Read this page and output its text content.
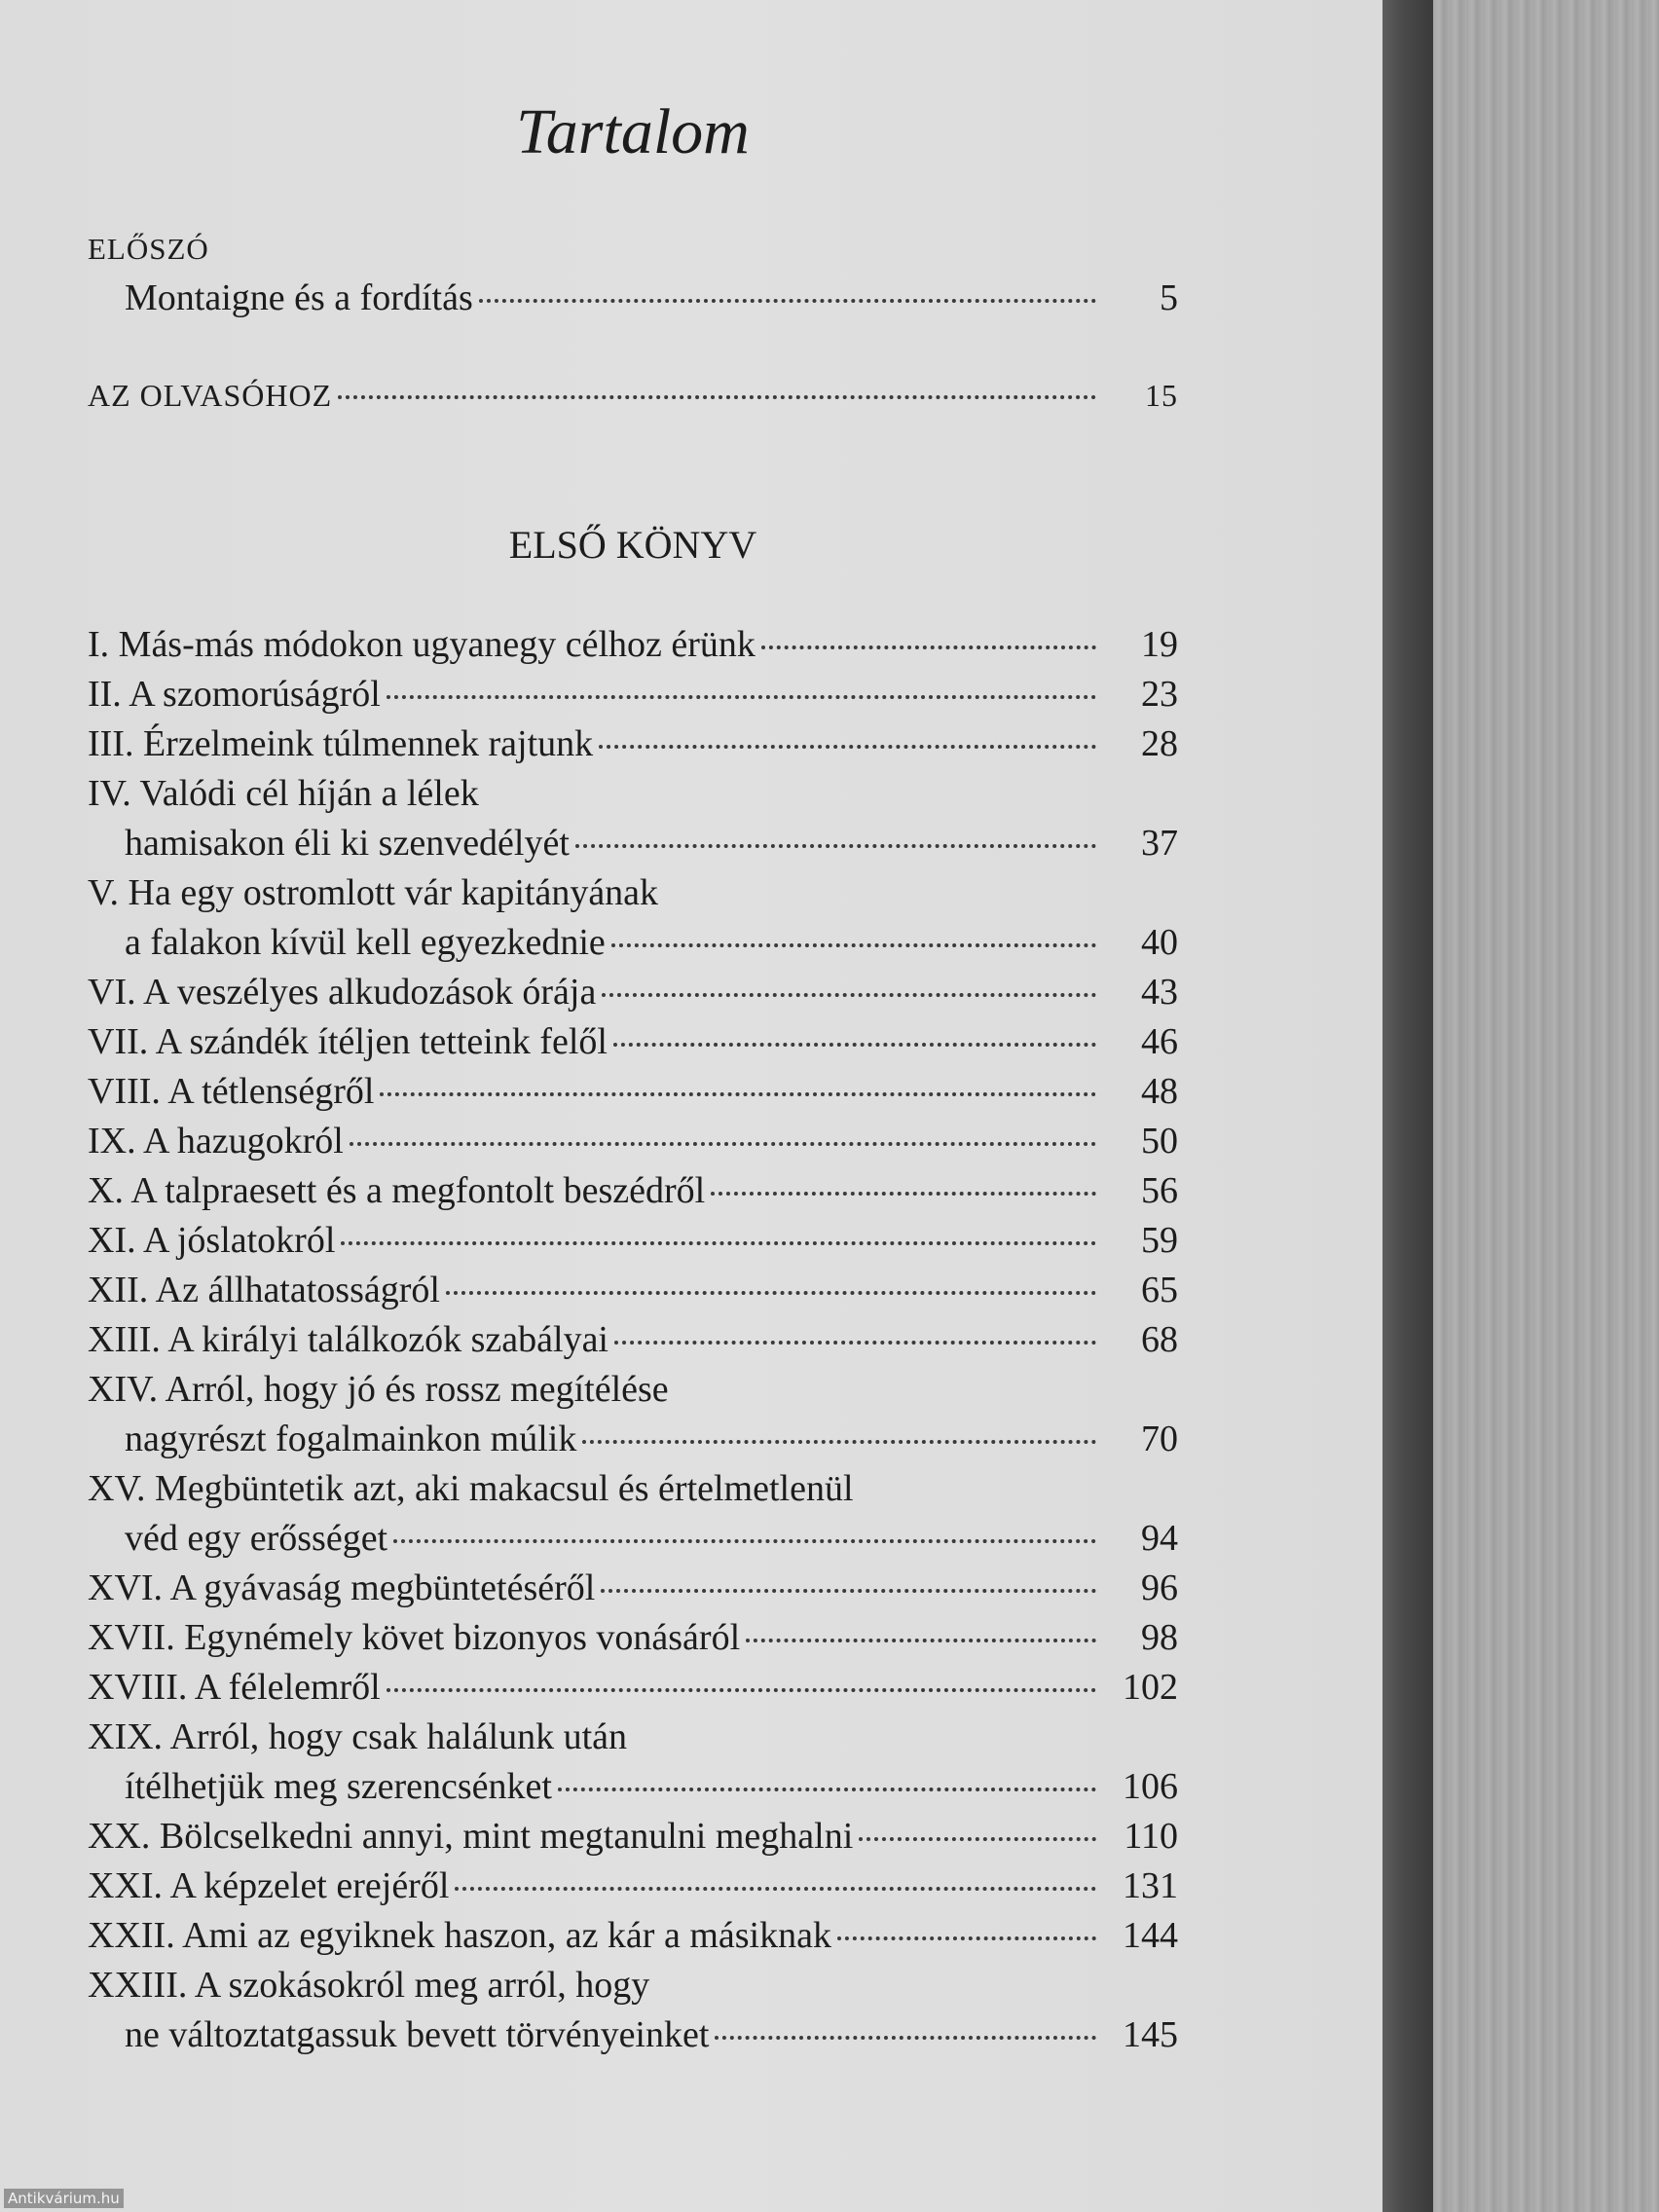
Tartalom
ELŐSZÓ
Montaigne és a fordítás	5
AZ OLVASÓHOZ	15
ELSŐ KÖNYV
I. Más-más módokon ugyanegy célhoz érünk	19
II. A szomorúságról	23
III. Érzelmeink túlmennek rajtunk	28
IV. Valódi cél híján a lélek
hamisakon éli ki szenvedélyét	37
V. Ha egy ostromlott vár kapitányának
a falakon kívül kell egyezkednie	40
VI. A veszélyes alkudozások órája	43
VII. A szándék ítéljen tetteink felől	46
VIII. A tétlenségről	48
IX. A hazugokról	50
X. A talpraesett és a megfontolt beszédről	56
XI. A jóslatokról	59
XII. Az állhatatosságról	65
XIII. A királyi találkozók szabályai	68
XIV. Arról, hogy jó és rossz megítélése
nagyrészt fogalmainkon múlik	70
XV. Megbüntetik azt, aki makacsul és értelmetlenül
véd egy erősséget	94
XVI. A gyávaság megbüntetéséről	96
XVII. Egynémely követ bizonyos vonásáról	98
XVIII. A félelemről	102
XIX. Arról, hogy csak halálunk után
ítélhetjük meg szerencsénket	106
XX. Bölcselkedni annyi, mint megtanulni meghalni	110
XXI. A képzelet erejéről	131
XXII. Ami az egyiknek haszon, az kár a másiknak	144
XXIII. A szokásokról meg arról, hogy
ne változtatgassuk bevett törvényeinket	145
Antikvárium.hu
